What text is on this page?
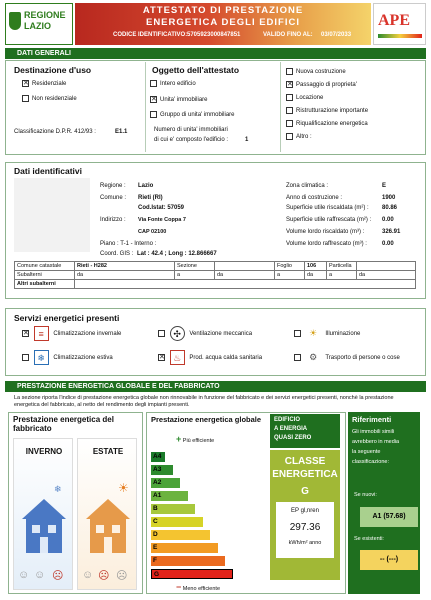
REGIONE
LAZIO
ATTESTATO DI PRESTAZIONE
ENERGETICA DEGLI EDIFICI
CODICE IDENTIFICATIVO: 5705923000847851	VALIDO FINO AL: 03/07/2033
APE
DATI GENERALI
Destinazione d'uso
✕Residenziale
Non residenziale
Classificazione D.P.R. 412/93 :	E1.1
Oggetto dell'attestato
Intero edificio
✕Unita' immobiliare
Gruppo di unita' immobiliare
Numero di unita' immobiliari
di cui e' composto l'edificio :	1
Nuova costruzione
✕Passaggio di proprieta'
Locazione
Ristrutturazione importante
Riqualificazione energetica
Altro :
Dati identificativi
Regione : Lazio
Comune : Rieti (RI)
Cod.Istat: 57059
Indirizzo : Via Fonte Coppa 7
CAP 02100
Piano : T-1 - Interno :
Coord. GIS : Lat : 42.4 ; Long : 12.866667
Zona climatica :	E
Anno di costruzione :	1900
Superficie utile riscaldata (m²) : 80.86
Superficie utile raffrescata (m²) : 0.00
Volume lordo riscaldato (m³) :	326.91
Volume lordo raffrescato (m³) :	0.00
Comune catastale	Rieti - H282	Sezione		Foglio	106	Particella	
Subalterni	da	a	da	a	da	a	da
Altri subalterni							
Servizi energetici presenti
✕ ≡ Climatizzazione invernale
❄ Climatizzazione estiva
✣ Ventilazione meccanica
✕ ♨ Prod. acqua calda sanitaria
☀ Illuminazione
⚙ Trasporto di persone o cose
PRESTAZIONE ENERGETICA GLOBALE E DEL FABBRICATO
La sezione riporta l'indice di prestazione energetica globale non rinnovabile in funzione del fabbricato e dei servizi energetici presenti, nonchè la prestazione energetica del fabbricato, al netto del rendimento degli impianti presenti.
Prestazione energetica del fabbricato
INVERNO
❄
☺ ☺ ☹
ESTATE
☀
☺ ☹ ☹
Prestazione energetica globale
+ Più efficiente
A4
A3
A2
A1
B
C
D
E
F
G
− Meno efficiente
EDIFICIO
A ENERGIA
QUASI ZERO
CLASSE
ENERGETICA
G
EP gl,nren
297.36
kWh/m² anno
Riferimenti
Gli immobili simili avrebbero in media la seguente classificazione:
Se nuovi:
A1 (57.68)
Se esistenti:
-- (---)
